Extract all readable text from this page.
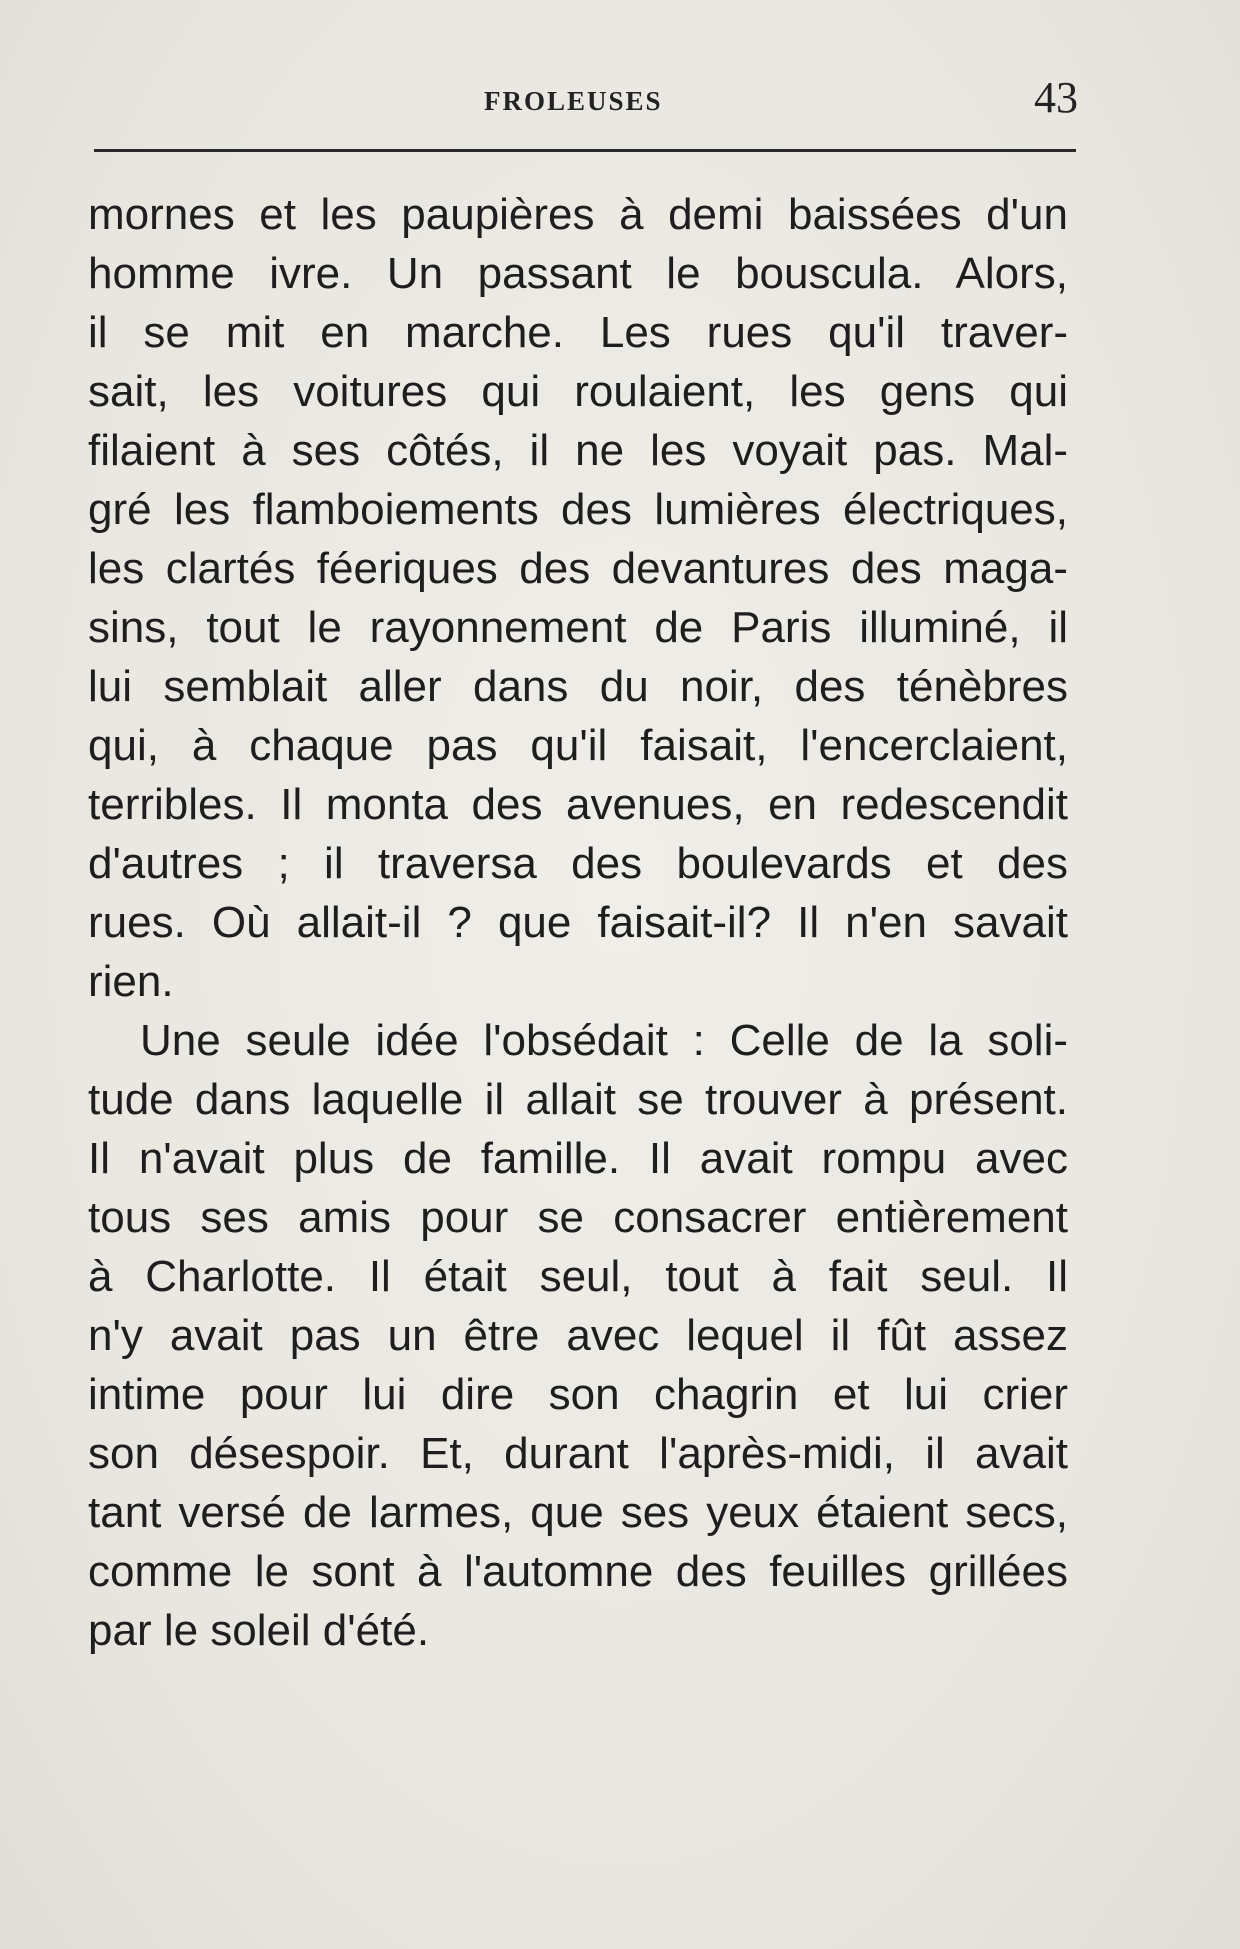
FROLEUSES	43
mornes et les paupières à demi baissées d'un
homme ivre. Un passant le bouscula. Alors,
il se mit en marche. Les rues qu'il traver-
sait, les voitures qui roulaient, les gens qui
filaient à ses côtés, il ne les voyait pas. Mal-
gré les flamboiements des lumières électriques,
les clartés féeriques des devantures des maga-
sins, tout le rayonnement de Paris illuminé, il
lui semblait aller dans du noir, des ténèbres
qui, à chaque pas qu'il faisait, l'encerclaient,
terribles. Il monta des avenues, en redescendit
d'autres ; il traversa des boulevards et des
rues. Où allait-il ? que faisait-il? Il n'en savait
rien.
Une seule idée l'obsédait : Celle de la soli-
tude dans laquelle il allait se trouver à présent.
Il n'avait plus de famille. Il avait rompu avec
tous ses amis pour se consacrer entièrement
à Charlotte. Il était seul, tout à fait seul. Il
n'y avait pas un être avec lequel il fût assez
intime pour lui dire son chagrin et lui crier
son désespoir. Et, durant l'après-midi, il avait
tant versé de larmes, que ses yeux étaient secs,
comme le sont à l'automne des feuilles grillées
par le soleil d'été.
